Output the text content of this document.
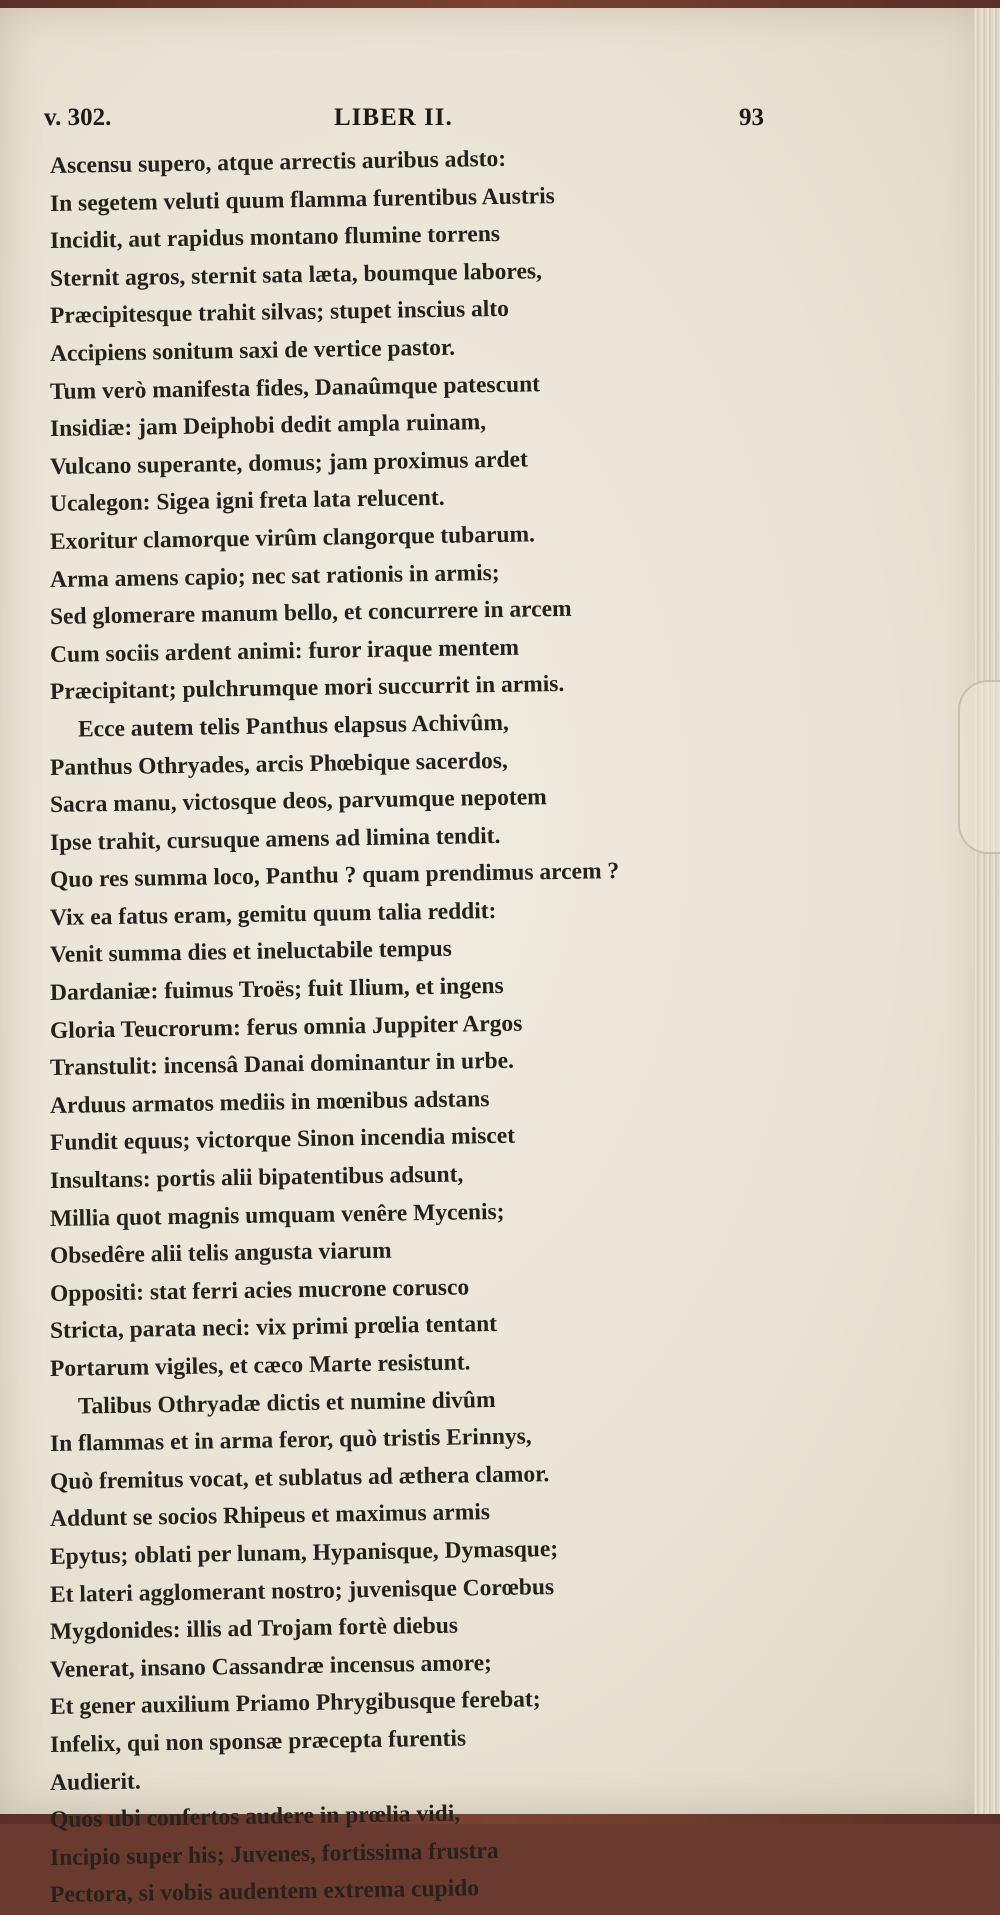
v. 302.	LIBER II.	93
Ascensu supero, atque arrectis auribus adsto:
In segetem veluti quum flamma furentibus Austris
Incidit, aut rapidus montano flumine torrens
Sternit agros, sternit sata læta, boumque labores,
Præcipitesque trahit silvas; stupet inscius alto
Accipiens sonitum saxi de vertice pastor.
Tum verò manifesta fides, Danaûmque patescunt
Insidiæ: jam Deiphobi dedit ampla ruinam,
Vulcano superante, domus; jam proximus ardet
Ucalegon: Sigea igni freta lata relucent.
Exoritur clamorque virûm clangorque tubarum.
Arma amens capio; nec sat rationis in armis;
Sed glomerare manum bello, et concurrere in arcem
Cum sociis ardent animi: furor iraque mentem
Præcipitant; pulchrumque mori succurrit in armis.
Ecce autem telis Panthus elapsus Achivûm,
Panthus Othryades, arcis Phœbique sacerdos,
Sacra manu, victosque deos, parvumque nepotem
Ipse trahit, cursuque amens ad limina tendit.
Quo res summa loco, Panthu ? quam prendimus arcem ?
Vix ea fatus eram, gemitu quum talia reddit:
Venit summa dies et ineluctabile tempus
Dardaniæ: fuimus Troës; fuit Ilium, et ingens
Gloria Teucrorum: ferus omnia Juppiter Argos
Transtulit: incensâ Danai dominantur in urbe.
Arduus armatos mediis in mœnibus adstans
Fundit equus; victorque Sinon incendia miscet
Insultans: portis alii bipatentibus adsunt,
Millia quot magnis umquam venêre Mycenis;
Obsedêre alii telis angusta viarum
Oppositi: stat ferri acies mucrone corusco
Stricta, parata neci: vix primi prœlia tentant
Portarum vigiles, et cæco Marte resistunt.
Talibus Othryadæ dictis et numine divûm
In flammas et in arma feror, quò tristis Erinnys,
Quò fremitus vocat, et sublatus ad æthera clamor.
Addunt se socios Rhipeus et maximus armis
Epytus; oblati per lunam, Hypanisque, Dymasque;
Et lateri agglomerant nostro; juvenisque Corœbus
Mygdonides: illis ad Trojam fortè diebus
Venerat, insano Cassandræ incensus amore;
Et gener auxilium Priamo Phrygibusque ferebat;
Infelix, qui non sponsæ præcepta furentis
Audierit.
Quos ubi confertos audere in prœlia vidi,
Incipio super his; Juvenes, fortissima frustra
Pectora, si vobis audentem extrema cupido
